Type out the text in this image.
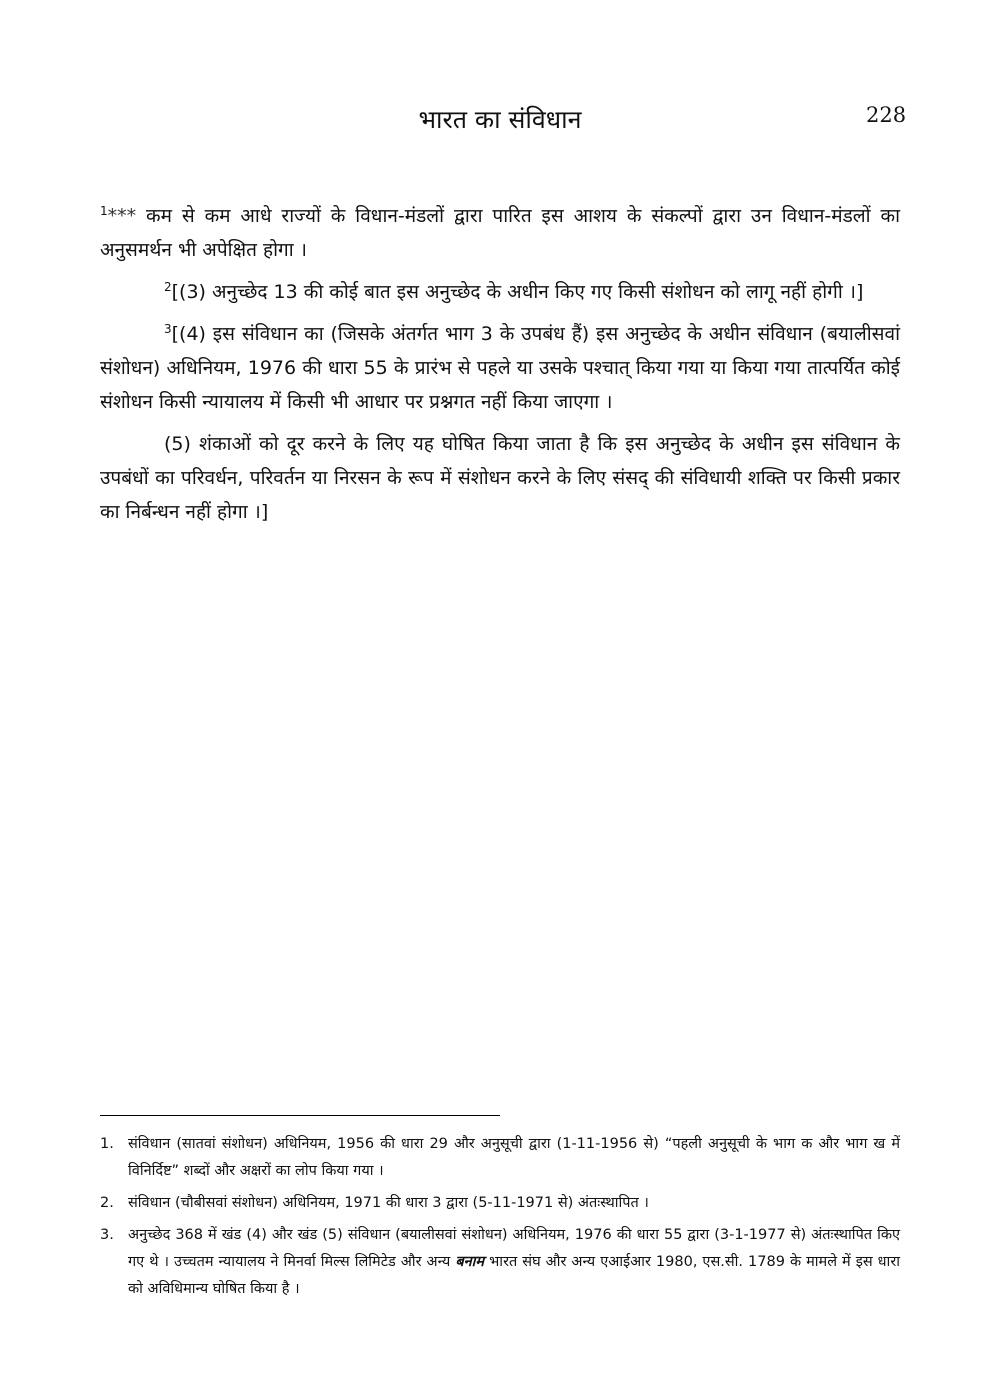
भारत का संविधान	228

$^1$*** कम से कम आधे राज्यों के विधान-मंडलों द्वारा पारित इस आशय के संकल्पों द्वारा उन विधान-मंडलों का अनुसमर्थन भी अपेक्षित होगा ।

$^2$[(3) अनुच्छेद 13 की कोई बात इस अनुच्छेद के अधीन किए गए किसी संशोधन को लागू नहीं होगी ।]

$^3$[(4) इस संविधान का (जिसके अंतर्गत भाग 3 के उपबंध हैं) इस अनुच्छेद के अधीन संविधान (बयालीसवां संशोधन) अधिनियम, 1976 की धारा 55 के प्रारंभ से पहले या उसके पश्चात् किया गया या किया गया तात्पर्यित कोई संशोधन किसी न्यायालय में किसी भी आधार पर प्रश्नगत नहीं किया जाएगा ।

(5) शंकाओं को दूर करने के लिए यह घोषित किया जाता है कि इस अनुच्छेद के अधीन इस संविधान के उपबंधों का परिवर्धन, परिवर्तन या निरसन के रूप में संशोधन करने के लिए संसद् की संविधायी शक्ति पर किसी प्रकार का निर्बन्धन नहीं होगा ।]

1. संविधान (सातवां संशोधन) अधिनियम, 1956 की धारा 29 और अनुसूची द्वारा (1-11-1956 से) “पहली अनुसूची के भाग क और भाग ख में विनिर्दिष्ट” शब्दों और अक्षरों का लोप किया गया ।

2. संविधान (चौबीसवां संशोधन) अधिनियम, 1971 की धारा 3 द्वारा (5-11-1971 से) अंतःस्थापित ।

3. अनुच्छेद 368 में खंड (4) और खंड (5) संविधान (बयालीसवां संशोधन) अधिनियम, 1976 की धारा 55 द्वारा (3-1-1977 से) अंतःस्थापित किए गए थे । उच्चतम न्यायालय ने मिनर्वा मिल्स लिमिटेड और अन्य बनाम भारत संघ और अन्य एआईआर 1980, एस.सी. 1789 के मामले में इस धारा को अविधिमान्य घोषित किया है ।
